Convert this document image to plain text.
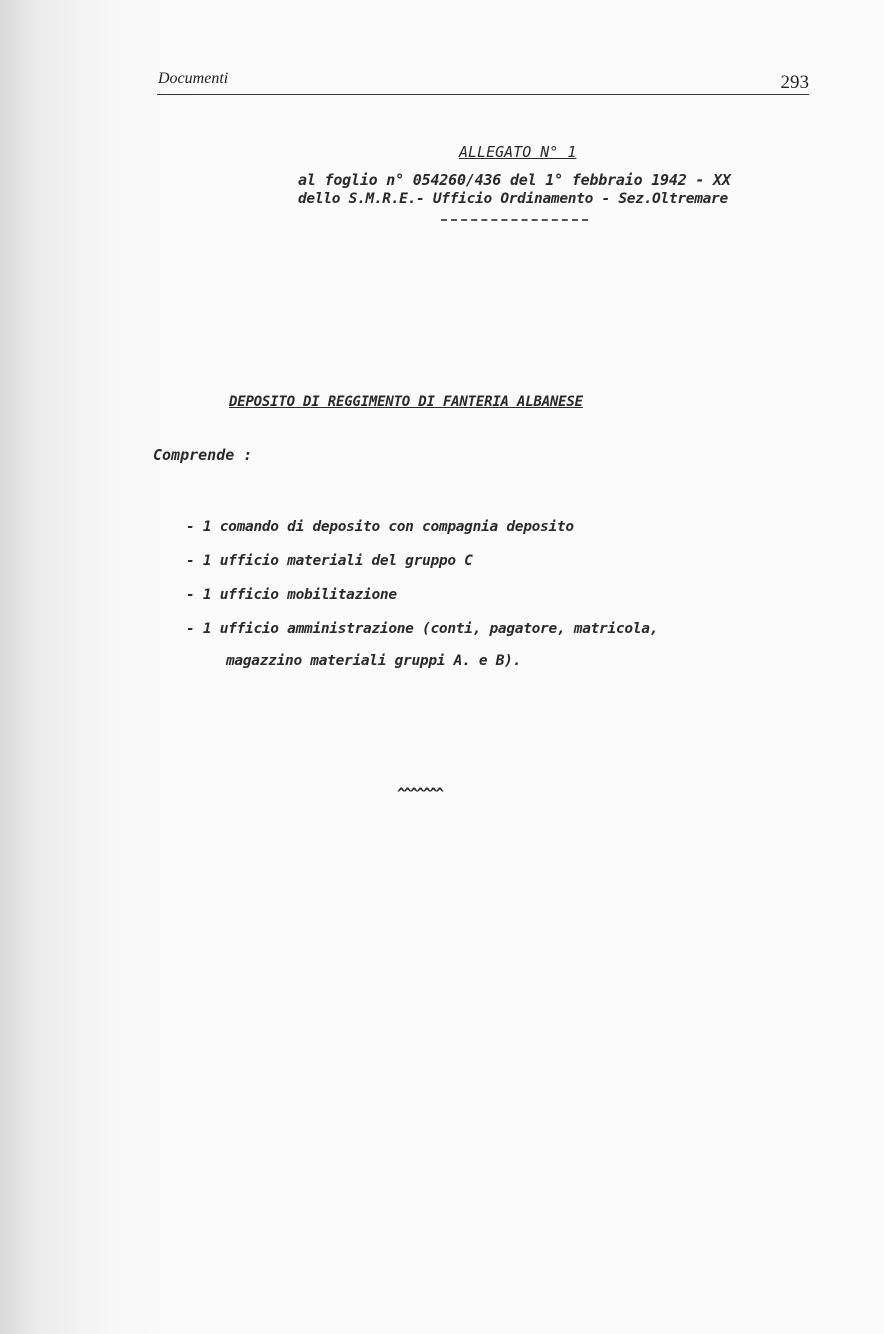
Documenti	293
ALLEGATO N° 1
al foglio n° 054260/436 del 1° febbraio 1942 - XX
dello S.M.R.E.- Ufficio Ordinamento - Sez.Oltremare
DEPOSITO DI REGGIMENTO DI FANTERIA ALBANESE
Comprende :
- 1 comando di deposito con compagnia deposito
- 1 ufficio materiali del gruppo C
- 1 ufficio mobilitazione
- 1 ufficio amministrazione (conti, pagatore, matricola,
magazzino materiali gruppi A. e B).
^^^^^^^
